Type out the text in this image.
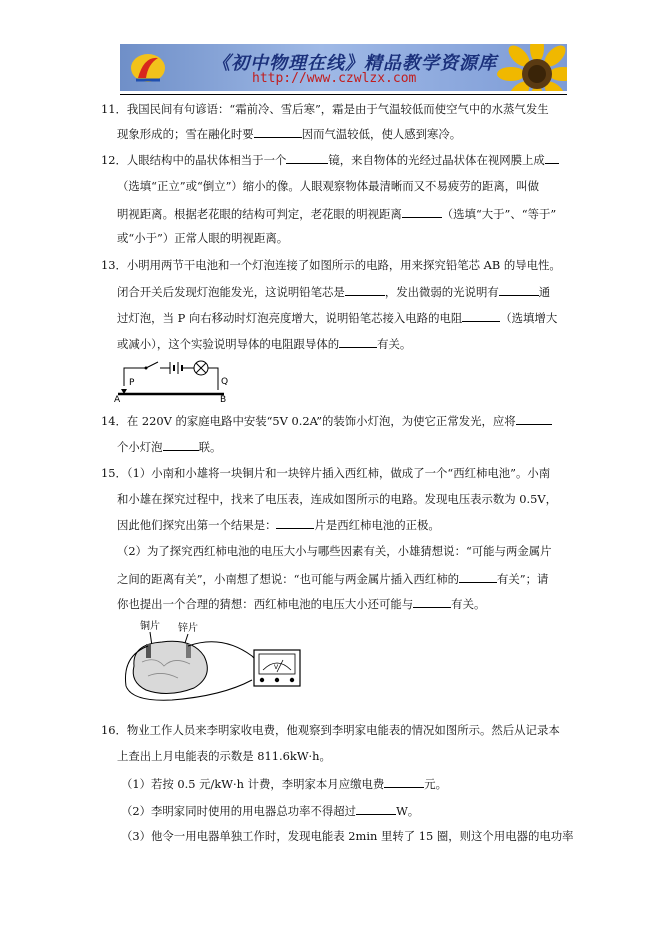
《初中物理在线》精品教学资源库
http://www.czwlzx.com
11．我国民间有句谚语：“霜前冷、雪后寒”，霜是由于气温较低而使空气中的水蒸气发生
现象形成的；雪在融化时要	因而气温较低，使人感到寒冷。
12．人眼结构中的晶状体相当于一个	镜，来自物体的光经过晶状体在视网膜上成
（选填“正立”或“倒立”）缩小的像。人眼观察物体最清晰而又不易疲劳的距离，叫做
明视距离。根据老花眼的结构可判定，老花眼的明视距离	（选填“大于”、“等于”
或“小于”）正常人眼的明视距离。
13．小明用两节干电池和一个灯泡连接了如图所示的电路，用来探究铅笔芯 AB 的导电性。
闭合开关后发现灯泡能发光，这说明铅笔芯是	，发出微弱的光说明有	通
过灯泡，当 P 向右移动时灯泡亮度增大，说明铅笔芯接入电路的电阻	（选填增大
或减小），这个实验说明导体的电阻跟导体的	有关。
P	Q
A	B
14．在 220V 的家庭电路中安装“5V 0.2A”的装饰小灯泡，为使它正常发光，应将
个小灯泡	联。
15．（1）小南和小雄将一块铜片和一块锌片插入西红柿，做成了一个“西红柿电池”。小南
和小雄在探究过程中，找来了电压表，连成如图所示的电路。发现电压表示数为 0.5V，
因此他们探究出第一个结果是：	片是西红柿电池的正极。
（2）为了探究西红柿电池的电压大小与哪些因素有关，小雄猜想说：“可能与两金属片
之间的距离有关”，小南想了想说：“也可能与两金属片插入西红柿的	有关”；请
你也提出一个合理的猜想：西红柿电池的电压大小还可能与	有关。
铜片 锌片
V
16．物业工作人员来李明家收电费，他观察到李明家电能表的情况如图所示。然后从记录本
上查出上月电能表的示数是 811.6kW·h。
（1）若按 0.5 元/kW·h 计费，李明家本月应缴电费	元。
（2）李明家同时使用的用电器总功率不得超过	W。
（3）他令一用电器单独工作时，发现电能表 2min 里转了 15 圈，则这个用电器的电功率
